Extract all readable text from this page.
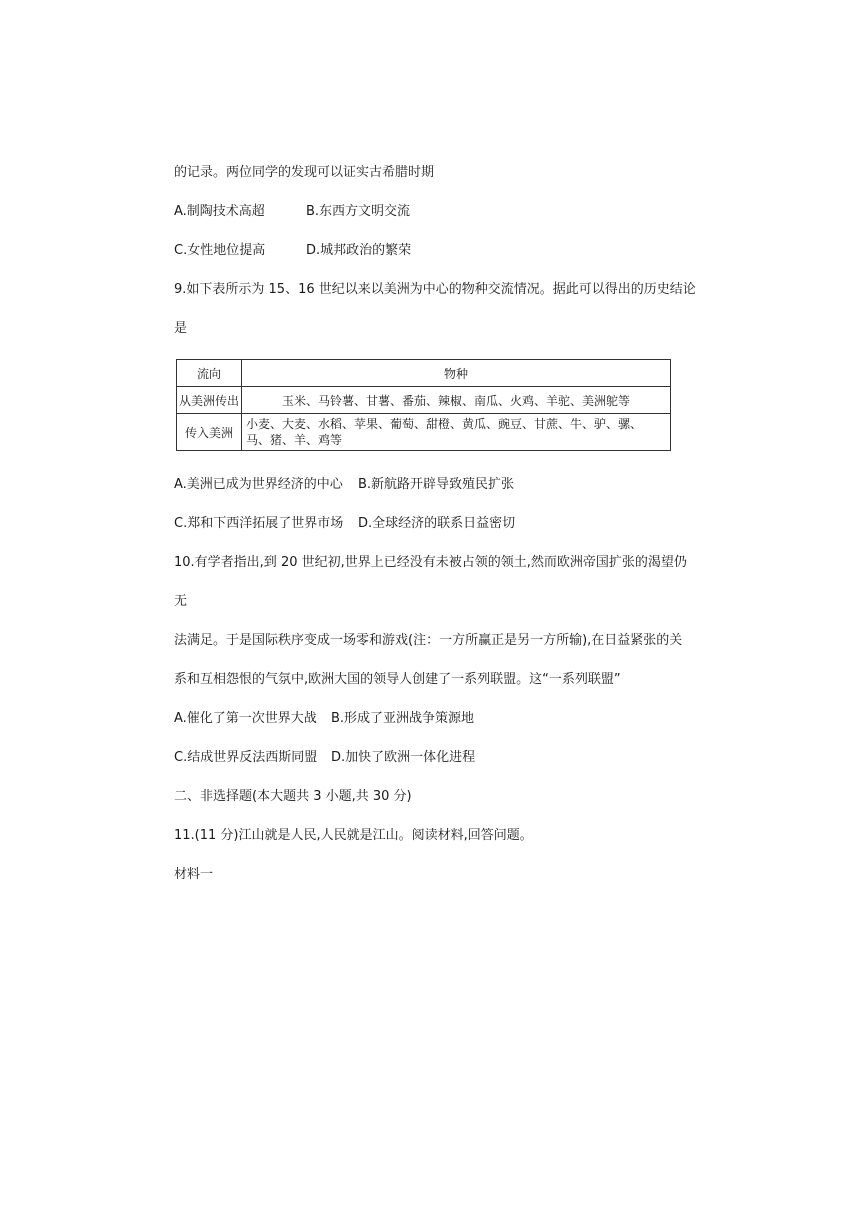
的记录。两位同学的发现可以证实古希腊时期
A.制陶技术高超	B.东西方文明交流
C.女性地位提高	D.城邦政治的繁荣
9.如下表所示为 15、16 世纪以来以美洲为中心的物种交流情况。据此可以得出的历史结论
是
流向	物种
从美洲传出	玉米、马铃薯、甘薯、番茄、辣椒、南瓜、火鸡、羊驼、美洲鸵等
传入美洲	小麦、大麦、水稻、苹果、葡萄、甜橙、黄瓜、豌豆、甘蔗、牛、驴、骡、马、猪、羊、鸡等
A.美洲已成为世界经济的中心 B.新航路开辟导致殖民扩张
C.郑和下西洋拓展了世界市场 D.全球经济的联系日益密切
10.有学者指出,到 20 世纪初,世界上已经没有未被占领的领土,然而欧洲帝国扩张的渴望仍
无
法满足。于是国际秩序变成一场零和游戏(注：一方所赢正是另一方所输),在日益紧张的关
系和互相怨恨的气氛中,欧洲大国的领导人创建了一系列联盟。这“一系列联盟”
A.催化了第一次世界大战 B.形成了亚洲战争策源地
C.结成世界反法西斯同盟 D.加快了欧洲一体化进程
二、非选择题(本大题共 3 小题,共 30 分)
11.(11 分)江山就是人民,人民就是江山。阅读材料,回答问题。
材料一
